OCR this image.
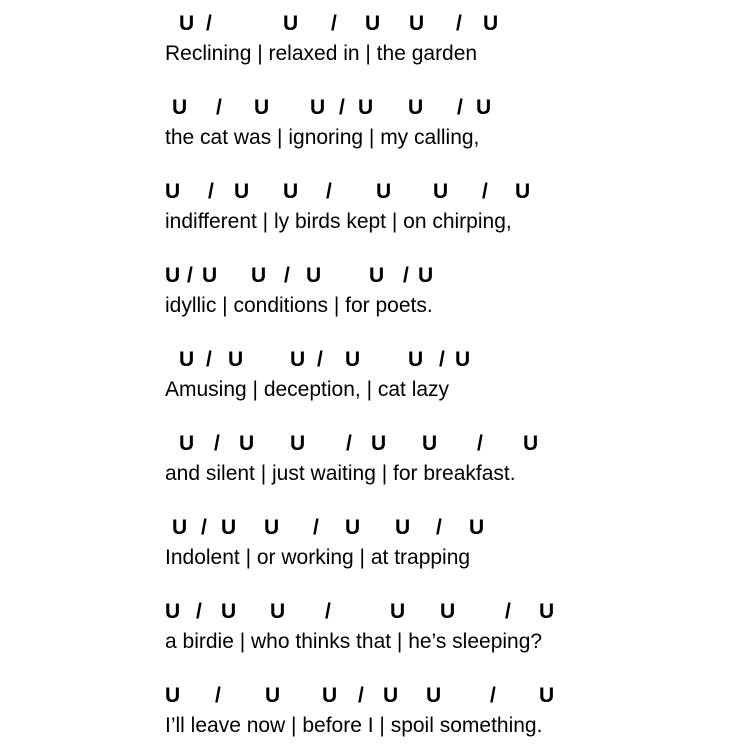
U /	U / U U / U
Reclining | relaxed in | the garden
U / U U / U U / U
the cat was | ignoring | my calling,
U / U U / U U / U
indifferent | ly birds kept | on chirping,
U / U U / U U / U
idyllic | conditions | for poets.
U / U U / U U / U
Amusing | deception, | cat lazy
U / U U / U U / U
and silent | just waiting | for breakfast.
U / U U / U U / U
Indolent | or working | at trapping
U / U U /	U U / U
a birdie | who thinks that | he’s sleeping?
U / U U / U U / U
I’ll leave now | before I | spoil something.
